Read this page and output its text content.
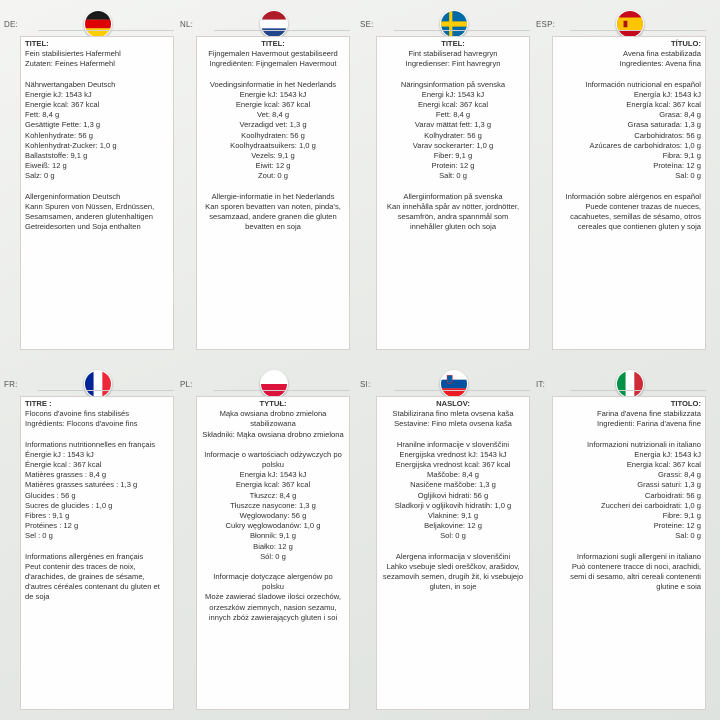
DE:

TITEL:

Fein stabilisiertes Hafermehl

Zutaten: Feines Hafermehl

Nährwertangaben Deutsch

Energie kJ: 1543 kJ

Energie kcal: 367 kcal

Fett: 8,4 g

Gesättigte Fette: 1,3 g

Kohlenhydrate: 56 g

Kohlenhydrat-Zucker: 1,0 g

Ballaststoffe: 9,1 g

Eiweiß: 12 g

Salz: 0 g

Allergeninformation Deutsch

Kann Spuren von Nüssen, Erdnüssen,

Sesamsamen, anderen glutenhaltigen

Getreidesorten und Soja enthalten

NL:

TITEL:

Fijngemalen Havermout gestabiliseerd

Ingrediënten: Fijngemalen Havermout

Voedingsinformatie in het Nederlands

Energie kJ: 1543 kJ

Energie kcal: 367 kcal

Vet: 8,4 g

Verzadigd vet: 1,3 g

Koolhydraten: 56 g

Koolhydraatsuikers: 1,0 g

Vezels: 9,1 g

Eiwit: 12 g

Zout: 0 g

Allergie-informatie in het Nederlands

Kan sporen bevatten van noten, pinda's,

sesamzaad, andere granen die gluten

bevatten en soja

SE:

TITEL:

Fint stabiliserad havregryn

Ingredienser: Fint havregryn

Näringsinformation på svenska

Energi kJ: 1543 kJ

Energi kcal: 367 kcal

Fett: 8,4 g

Varav mättat fett: 1,3 g

Kolhydrater: 56 g

Varav sockerarter: 1,0 g

Fiber: 9,1 g

Protein: 12 g

Salt: 0 g

Allergiinformation på svenska

Kan innehålla spår av nötter, jordnötter,

sesamfrön, andra spannmål som

innehåller gluten och soja

ESP:

TÍTULO:

Avena fina estabilizada

Ingredientes: Avena fina

Información nutricional en español

Energía kJ: 1543 kJ

Energía kcal: 367 kcal

Grasa: 8,4 g

Grasa saturada: 1,3 g

Carbohidratos: 56 g

Azúcares de carbohidratos: 1,0 g

Fibra: 9,1 g

Proteína: 12 g

Sal: 0 g

Información sobre alérgenos en español

Puede contener trazas de nueces,

cacahuetes, semillas de sésamo, otros

cereales que contienen gluten y soja

FR:

TITRE :

Flocons d'avoine fins stabilisés

Ingrédients: Flocons d'avoine fins

Informations nutritionnelles en français

Énergie kJ : 1543 kJ

Énergie kcal : 367 kcal

Matières grasses : 8,4 g

Matières grasses saturées : 1,3 g

Glucides : 56 g

Sucres de glucides : 1,0 g

Fibres : 9,1 g

Protéines : 12 g

Sel : 0 g

Informations allergènes en français

Peut contenir des traces de noix,

d'arachides, de graines de sésame,

d'autres céréales contenant du gluten et

de soja

PL:

TYTUŁ:

Mąka owsiana drobno zmielona

stabilizowana

Składniki: Mąka owsiana drobno zmielona

Informacje o wartościach odżywczych po

polsku

Energia kJ: 1543 kJ

Energia kcal: 367 kcal

Tłuszcz: 8,4 g

Tłuszcze nasycone: 1,3 g

Węglowodany: 56 g

Cukry węglowodanów: 1,0 g

Błonnik: 9,1 g

Białko: 12 g

Sól: 0 g

Informacje dotyczące alergenów po

polsku

Może zawierać śladowe ilości orzechów,

orzeszków ziemnych, nasion sezamu,

innych zbóż zawierających gluten i soi

SI:

NASLOV:

Stabilizirana fino mleta ovsena kaša

Sestavine: Fino mleta ovsena kaša

Hranilne informacije v slovenščini

Energijska vrednost kJ: 1543 kJ

Energijska vrednost kcal: 367 kcal

Maščobe: 8,4 g

Nasičene maščobe: 1,3 g

Ogljikovi hidrati: 56 g

Sladkorji v ogljikovih hidratih: 1,0 g

Vlaknine: 9,1 g

Beljakovine: 12 g

Sol: 0 g

Alergena informacija v slovenščini

Lahko vsebuje sledi oreščkov, arašidov,

sezamovih semen, drugih žit, ki vsebujejo

gluten, in soje

IT:

TITOLO:

Farina d'avena fine stabilizzata

Ingredienti: Farina d'avena fine

Informazioni nutrizionali in italiano

Energia kJ: 1543 kJ

Energia kcal: 367 kcal

Grassi: 8,4 g

Grassi saturi: 1,3 g

Carboidrati: 56 g

Zuccheri dei carboidrati: 1,0 g

Fibre: 9,1 g

Proteine: 12 g

Sal: 0 g

Informazioni sugli allergeni in italiano

Può contenere tracce di noci, arachidi,

semi di sesamo, altri cereali contenenti

glutine e soia
